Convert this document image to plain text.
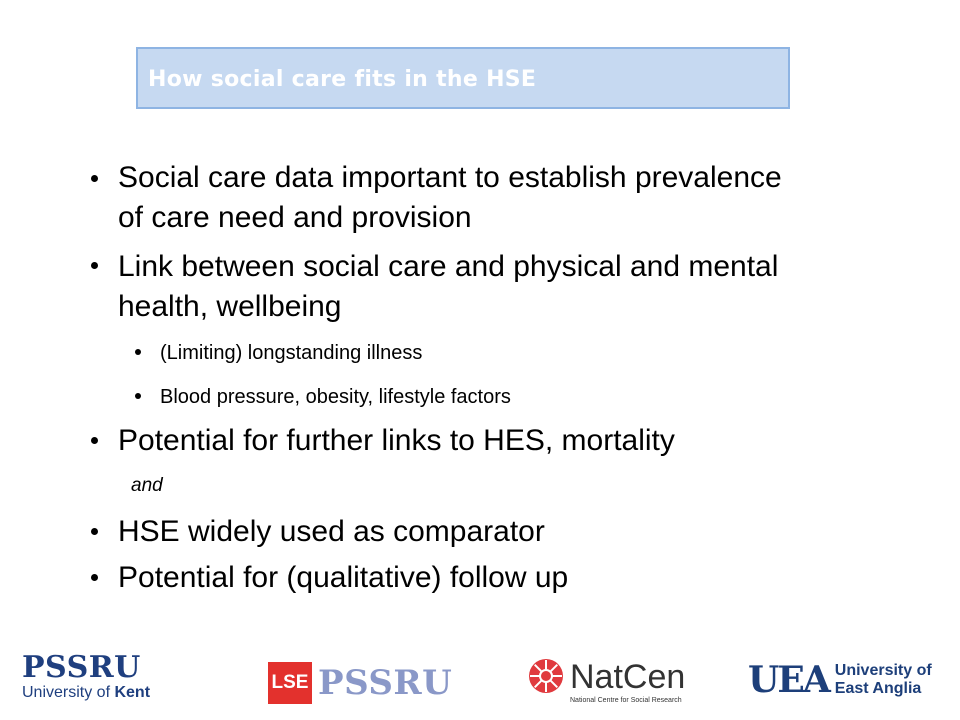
How social care fits in the HSE
Social care data important to establish prevalence
of care need and provision
Link between social care and physical and mental
health, wellbeing
(Limiting) longstanding illness
Blood pressure, obesity, lifestyle factors
Potential for further links to HES, mortality
and
HSE widely used as comparator
Potential for (qualitative) follow up
PSSRU
University of Kent	LSE PSSRU	NatCen
National Centre for Social Research UEA University of
East Anglia
